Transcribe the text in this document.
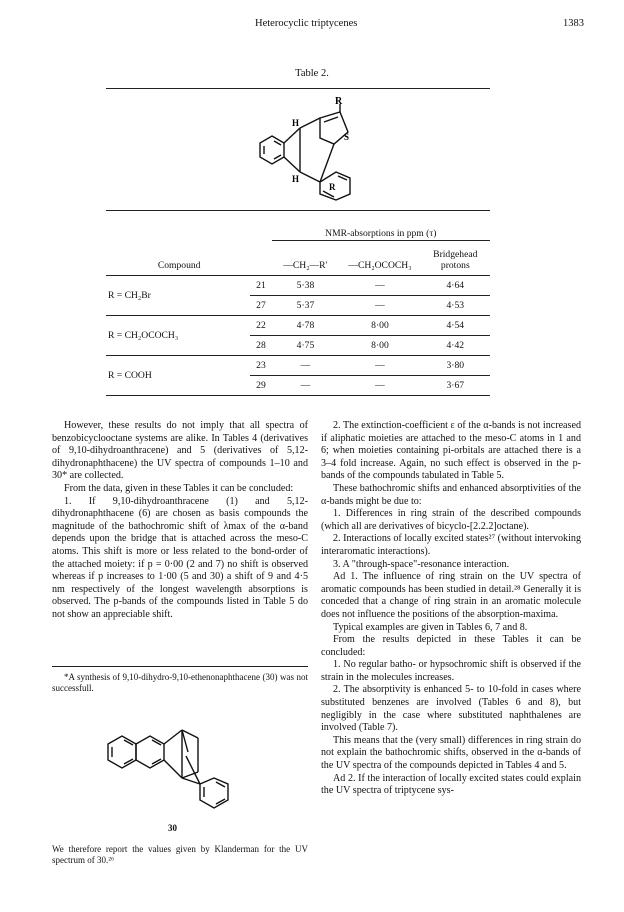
Heterocyclic triptycenes	1383
Table 2.
R
H
S
H
R
		NMR-absorptions in ppm (τ)		
Compound		—CH₂—R′	—CH₂OCOCH₃	Bridgehead
protons
R = CH₂Br	21	5·38	—	4·64
	27	5·37	—	4·53
R = CH₂OCOCH₃	22	4·78	8·00	4·54
	28	4·75	8·00	4·42
R = COOH	23	—	—	3·80
	29	—	—	3·67

However, these results do not imply that all spectra of benzobicyclooctane systems are alike. In Tables 4 (derivatives of 9,10-dihydroanthracene) and 5 (derivatives of 5,12-dihydronaphthacene) the UV spectra of compounds 1–10 and 30* are collected.

From the data, given in these Tables it can be concluded:

1. If 9,10-dihydroanthracene (1) and 5,12-dihydronaphthacene (6) are chosen as basis compounds the magnitude of the bathochromic shift of λmax of the α-band depends upon the bridge that is attached across the meso-C atoms. This shift is more or less related to the bond-order of the attached moiety: if p = 0·00 (2 and 7) no shift is observed whereas if p increases to 1·00 (5 and 30) a shift of 9 and 4·5 nm respectively of the longest wavelength absorptions is observed. The p-bands of the compounds listed in Table 5 do not show an appreciable shift.

*A synthesis of 9,10-dihydro-9,10-ethenonaphthacene (30) was not successfull.

30

We therefore report the values given by Klanderman for the UV spectrum of 30.²⁶

2. The extinction-coefficient ε of the α-bands is not increased if aliphatic moieties are attached to the meso-C atoms in 1 and 6; when moieties containing pi-orbitals are attached there is a 3–4 fold increase. Again, no such effect is observed in the p-bands of the compounds tabulated in Table 5.

These bathochromic shifts and enhanced absorptivities of the α-bands might be due to:

1. Differences in ring strain of the described compounds (which all are derivatives of bicyclo-[2.2.2]octane).

2. Interactions of locally excited states²⁷ (without intervoking interaromatic interactions).

3. A "through-space"-resonance interaction.

Ad 1. The influence of ring strain on the UV spectra of aromatic compounds has been studied in detail.²⁸ Generally it is conceded that a change of ring strain in an aromatic molecule does not influence the positions of the absorption-maxima.

Typical examples are given in Tables 6, 7 and 8.

From the results depicted in these Tables it can be concluded:

1. No regular batho- or hypsochromic shift is observed if the strain in the molecules increases.

2. The absorptivity is enhanced 5- to 10-fold in cases where substituted benzenes are involved (Tables 6 and 8), but negligibly in the case where substituted naphthalenes are involved (Table 7).

This means that the (very small) differences in ring strain do not explain the bathochromic shifts, observed in the α-bands of the UV spectra of the compounds depicted in Tables 4 and 5.

Ad 2. If the interaction of locally excited states could explain the UV spectra of triptycene sys-
